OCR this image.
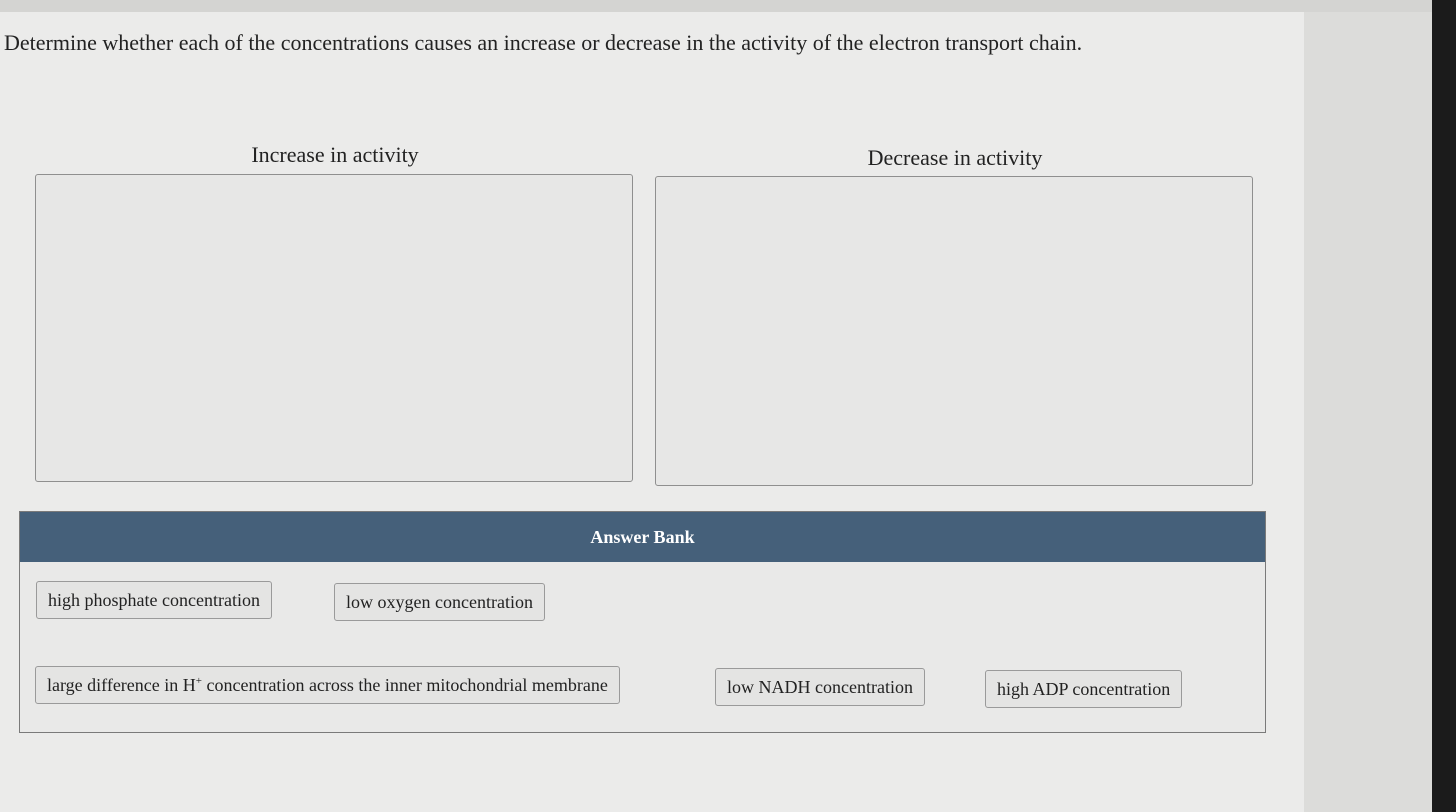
Determine whether each of the concentrations causes an increase or decrease in the activity of the electron transport chain.
Increase in activity	Decrease in activity
Answer Bank
high phosphate concentration	low oxygen concentration
large difference in H+ concentration across the inner mitochondrial membrane	low NADH concentration	high ADP concentration
